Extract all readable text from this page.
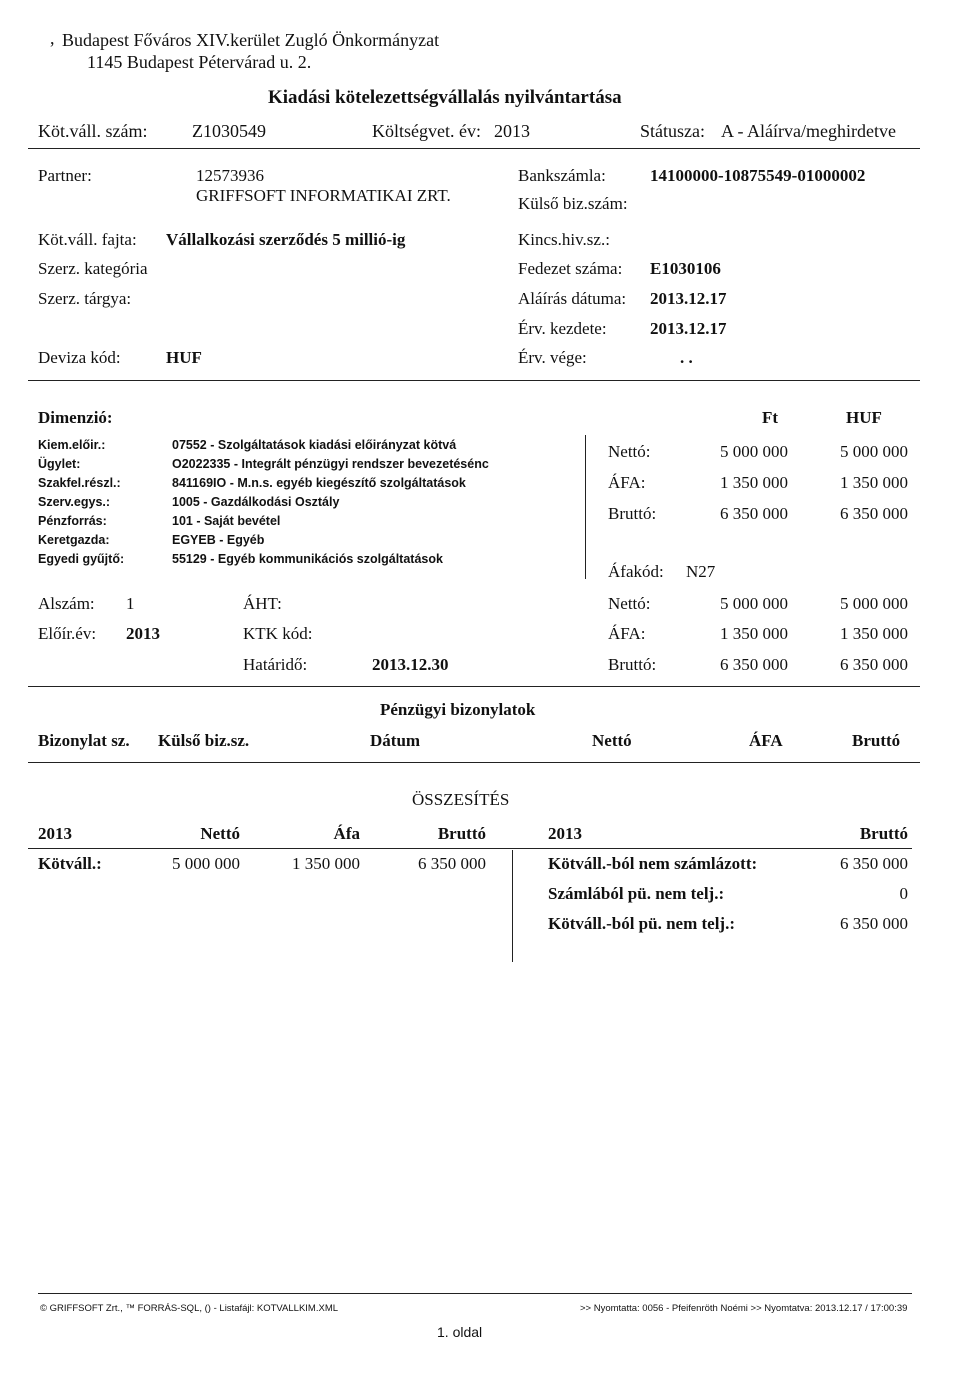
, Budapest Főváros XIV.kerület Zugló Önkormányzat
1145 Budapest Pétervárad u. 2.
Kiadási kötelezettségvállalás nyilvántartása
Köt.váll. szám: Z1030549	Költségvet. év: 2013	Státusza: A - Aláírva/meghirdetve
Partner:	12573936
GRIFFSOFT INFORMATIKAI ZRT.
Bankszámla:	14100000-10875549-01000002
Külső biz.szám:
Köt.váll. fajta: Vállalkozási szerződés 5 millió-ig	Kincs.hiv.sz.:
Szerz. kategória	Fedezet száma: E1030106
Szerz. tárgya:	Aláírás dátuma: 2013.12.17
Érv. kezdete:	2013.12.17
Deviza kód:	HUF	Érv. vége:	. .
Dimenzió:	Ft	HUF
Kiem.előir.:	07552 - Szolgáltatások kiadási előirányzat kötvá
Ügylet:	O2022335 - Integrált pénzügyi rendszer bevezetésénc
Szakfel.részl.:	841169IO - M.n.s. egyéb kiegészítő szolgáltatások
Szerv.egys.:	1005 - Gazdálkodási Osztály
Pénzforrás:	101 - Saját bevétel
Keretgazda:	EGYEB - Egyéb
Egyedi gyűjtő:	55129 - Egyéb kommunikációs szolgáltatások
Nettó:	5 000 000	5 000 000
ÁFA:	1 350 000	1 350 000
Bruttó:	6 350 000	6 350 000
Áfakód: N27
Alszám: 1	ÁHT:
Előír.év: 2013	KTK kód:
Határidő:	2013.12.30
Nettó:	5 000 000	5 000 000
ÁFA:	1 350 000	1 350 000
Bruttó:	6 350 000	6 350 000
Pénzügyi bizonylatok
Bizonylat sz. Külső biz.sz.	Dátum	Nettó	ÁFA	Bruttó
ÖSSZESÍTÉS
2013	Nettó	Áfa	Bruttó
Kötváll.:	5 000 000	1 350 000	6 350 000
2013	Bruttó
Kötváll.-ból nem számlázott:	6 350 000
Számlából pü. nem telj.:	0
Kötváll.-ból pü. nem telj.:	6 350 000
© GRIFFSOFT Zrt., ™ FORRÁS-SQL, () - Listafájl: KOTVALLKIM.XML	>> Nyomtatta: 0056 - Pfeifenröth Noémi >> Nyomtatva: 2013.12.17 / 17:00:39
1. oldal
